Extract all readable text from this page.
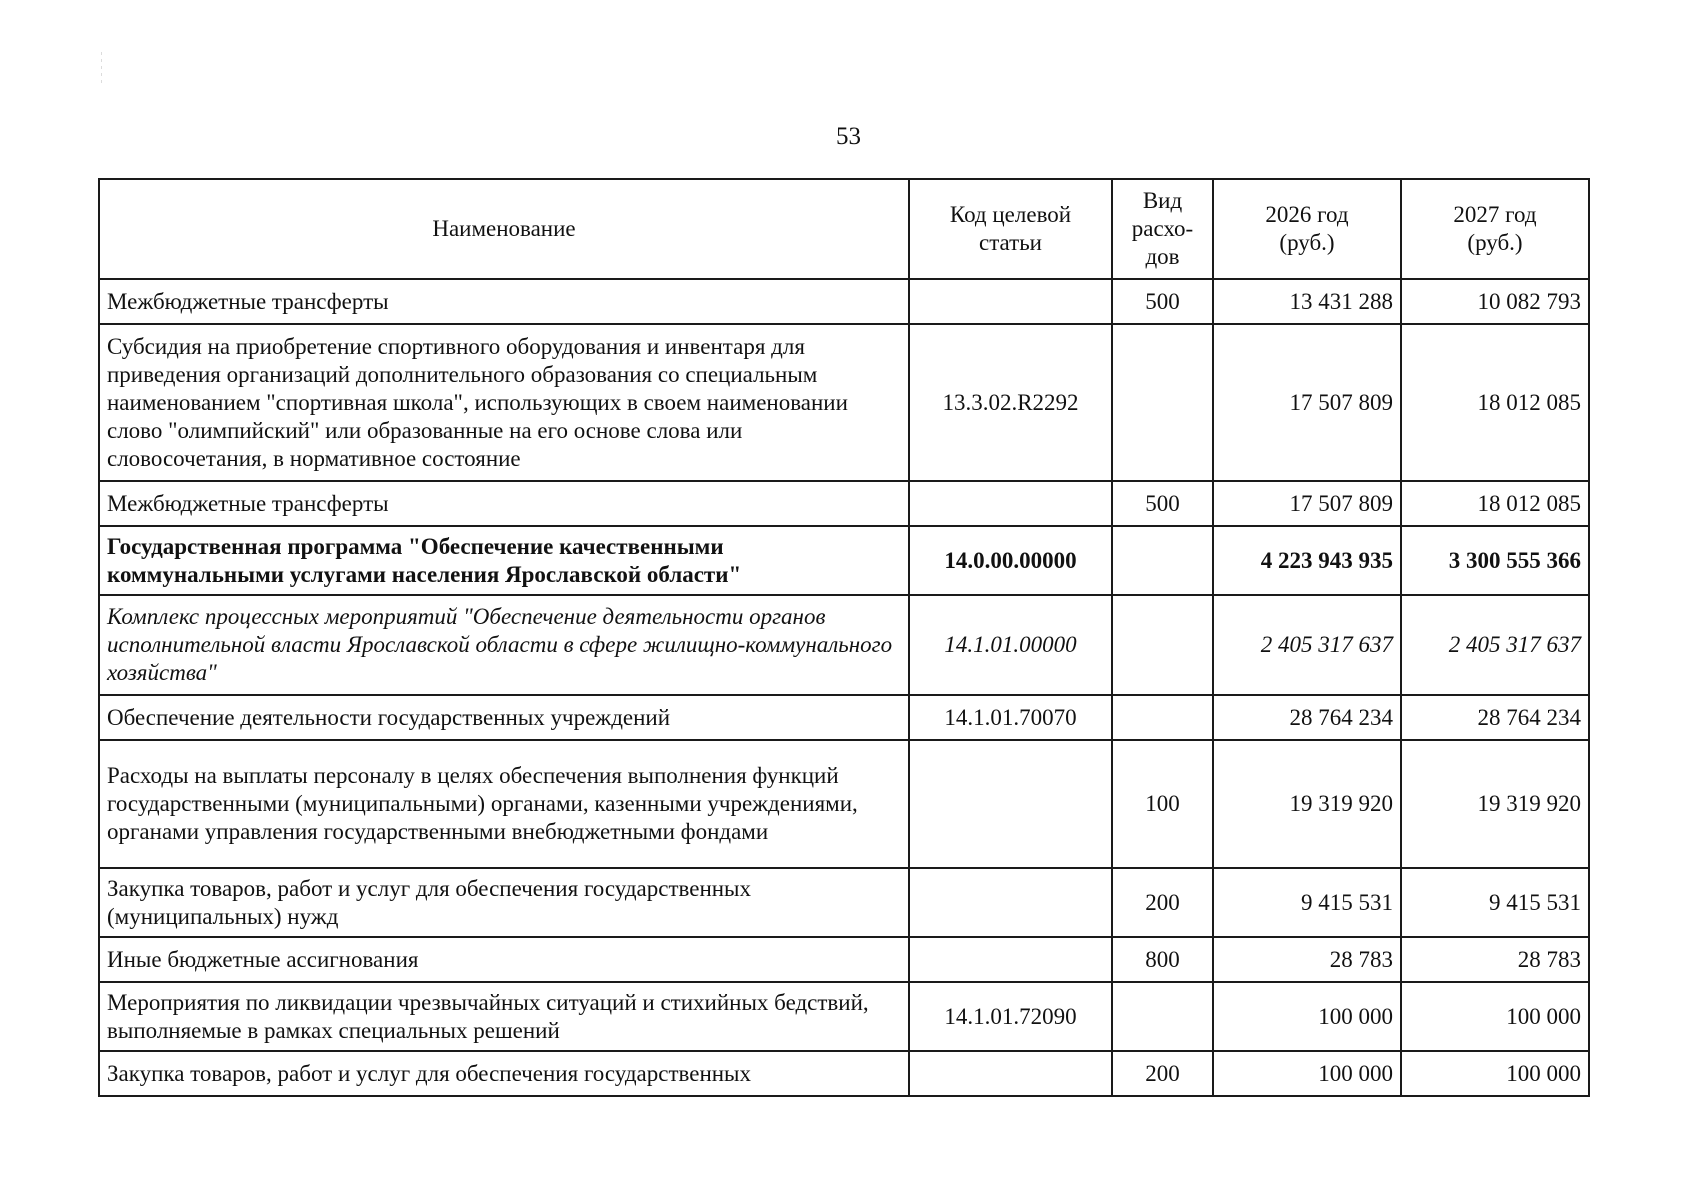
53
Наименование	Код целевой статьи	Вид расхо-дов	2026 год (руб.)	2027 год (руб.)
Межбюджетные трансферты		500	13 431 288	10 082 793
Субсидия на приобретение спортивного оборудования и инвентаря для приведения организаций дополнительного образования со специальным наименованием "спортивная школа", использующих в своем наименовании слово "олимпийский" или образованные на его основе слова или словосочетания, в нормативное состояние	13.3.02.R2292		17 507 809	18 012 085
Межбюджетные трансферты		500	17 507 809	18 012 085
Государственная программа "Обеспечение качественными коммунальными услугами населения Ярославской области"	14.0.00.00000		4 223 943 935	3 300 555 366
Комплекс процессных мероприятий "Обеспечение деятельности органов исполнительной власти Ярославской области в сфере жилищно-коммунального хозяйства"	14.1.01.00000		2 405 317 637	2 405 317 637
Обеспечение деятельности государственных учреждений	14.1.01.70070		28 764 234	28 764 234
Расходы на выплаты персоналу в целях обеспечения выполнения функций государственными (муниципальными) органами, казенными учреждениями, органами управления государственными внебюджетными фондами		100	19 319 920	19 319 920
Закупка товаров, работ и услуг для обеспечения государственных (муниципальных) нужд		200	9 415 531	9 415 531
Иные бюджетные ассигнования		800	28 783	28 783
Мероприятия по ликвидации чрезвычайных ситуаций и стихийных бедствий, выполняемые в рамках специальных решений	14.1.01.72090		100 000	100 000
Закупка товаров, работ и услуг для обеспечения государственных		200	100 000	100 000
